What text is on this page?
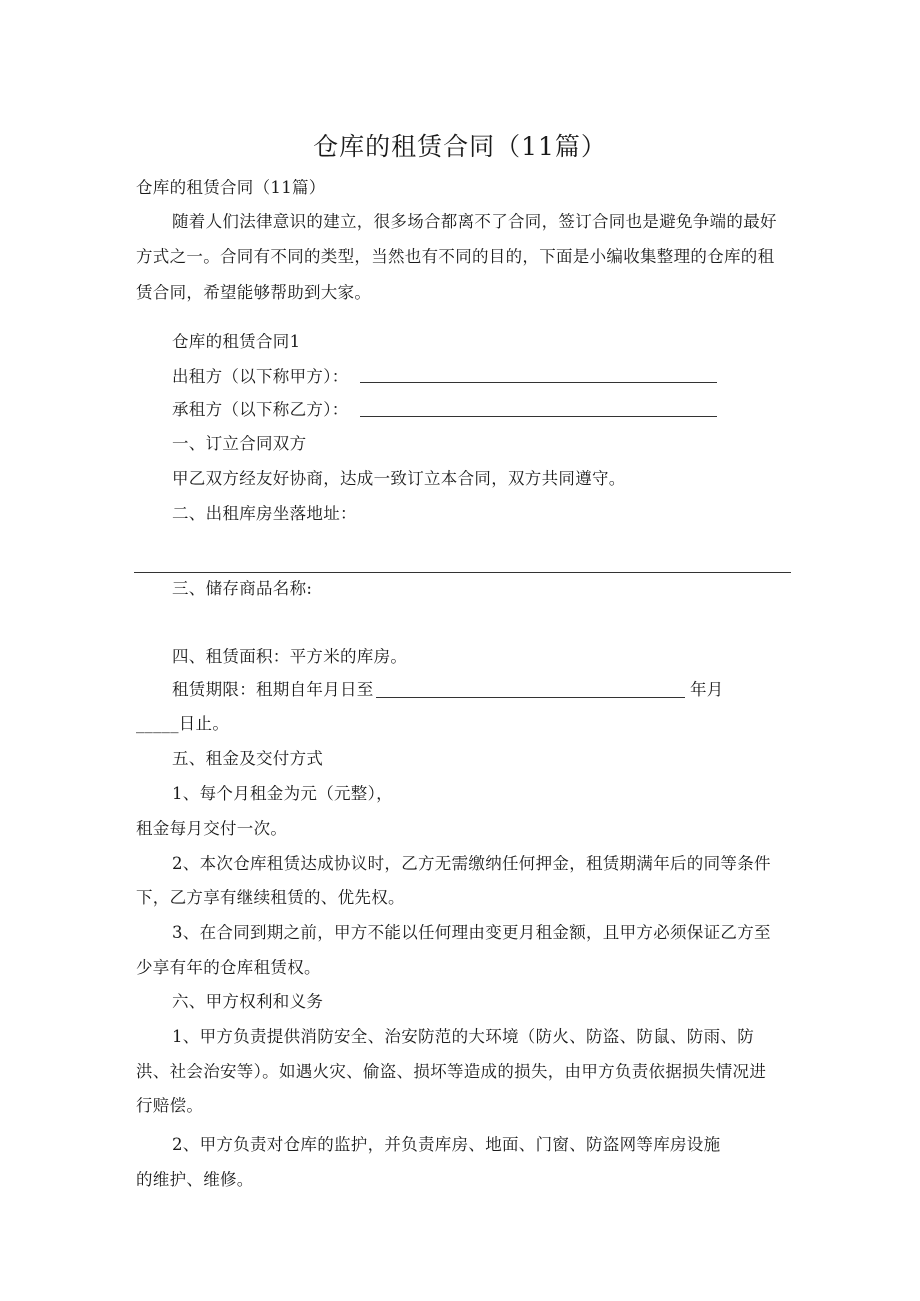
仓库的租赁合同（11篇）
仓库的租赁合同（11篇）
随着人们法律意识的建立，很多场合都离不了合同，签订合同也是避免争端的最好
方式之一。合同有不同的类型，当然也有不同的目的，下面是小编收集整理的仓库的租
赁合同，希望能够帮助到大家。
仓库的租赁合同1
出租方（以下称甲方）：
承租方（以下称乙方）：
一、订立合同双方
甲乙双方经友好协商，达成一致订立本合同，双方共同遵守。
二、出租库房坐落地址：
三、储存商品名称:
四、租赁面积：平方米的库房。
租赁期限：租期自年月日至	年月
_____日止。
五、租金及交付方式
1、每个月租金为元（元整），
租金每月交付一次。
2、本次仓库租赁达成协议时，乙方无需缴纳任何押金，租赁期满年后的同等条件
下，乙方享有继续租赁的、优先权。
3、在合同到期之前，甲方不能以任何理由变更月租金额，且甲方必须保证乙方至
少享有年的仓库租赁权。
六、甲方权利和义务
1、甲方负责提供消防安全、治安防范的大环境（防火、防盗、防鼠、防雨、防
洪、社会治安等）。如遇火灾、偷盗、损坏等造成的损失，由甲方负责依据损失情况进
行赔偿。
2、甲方负责对仓库的监护，并负责库房、地面、门窗、防盗网等库房设施
的维护、维修。
